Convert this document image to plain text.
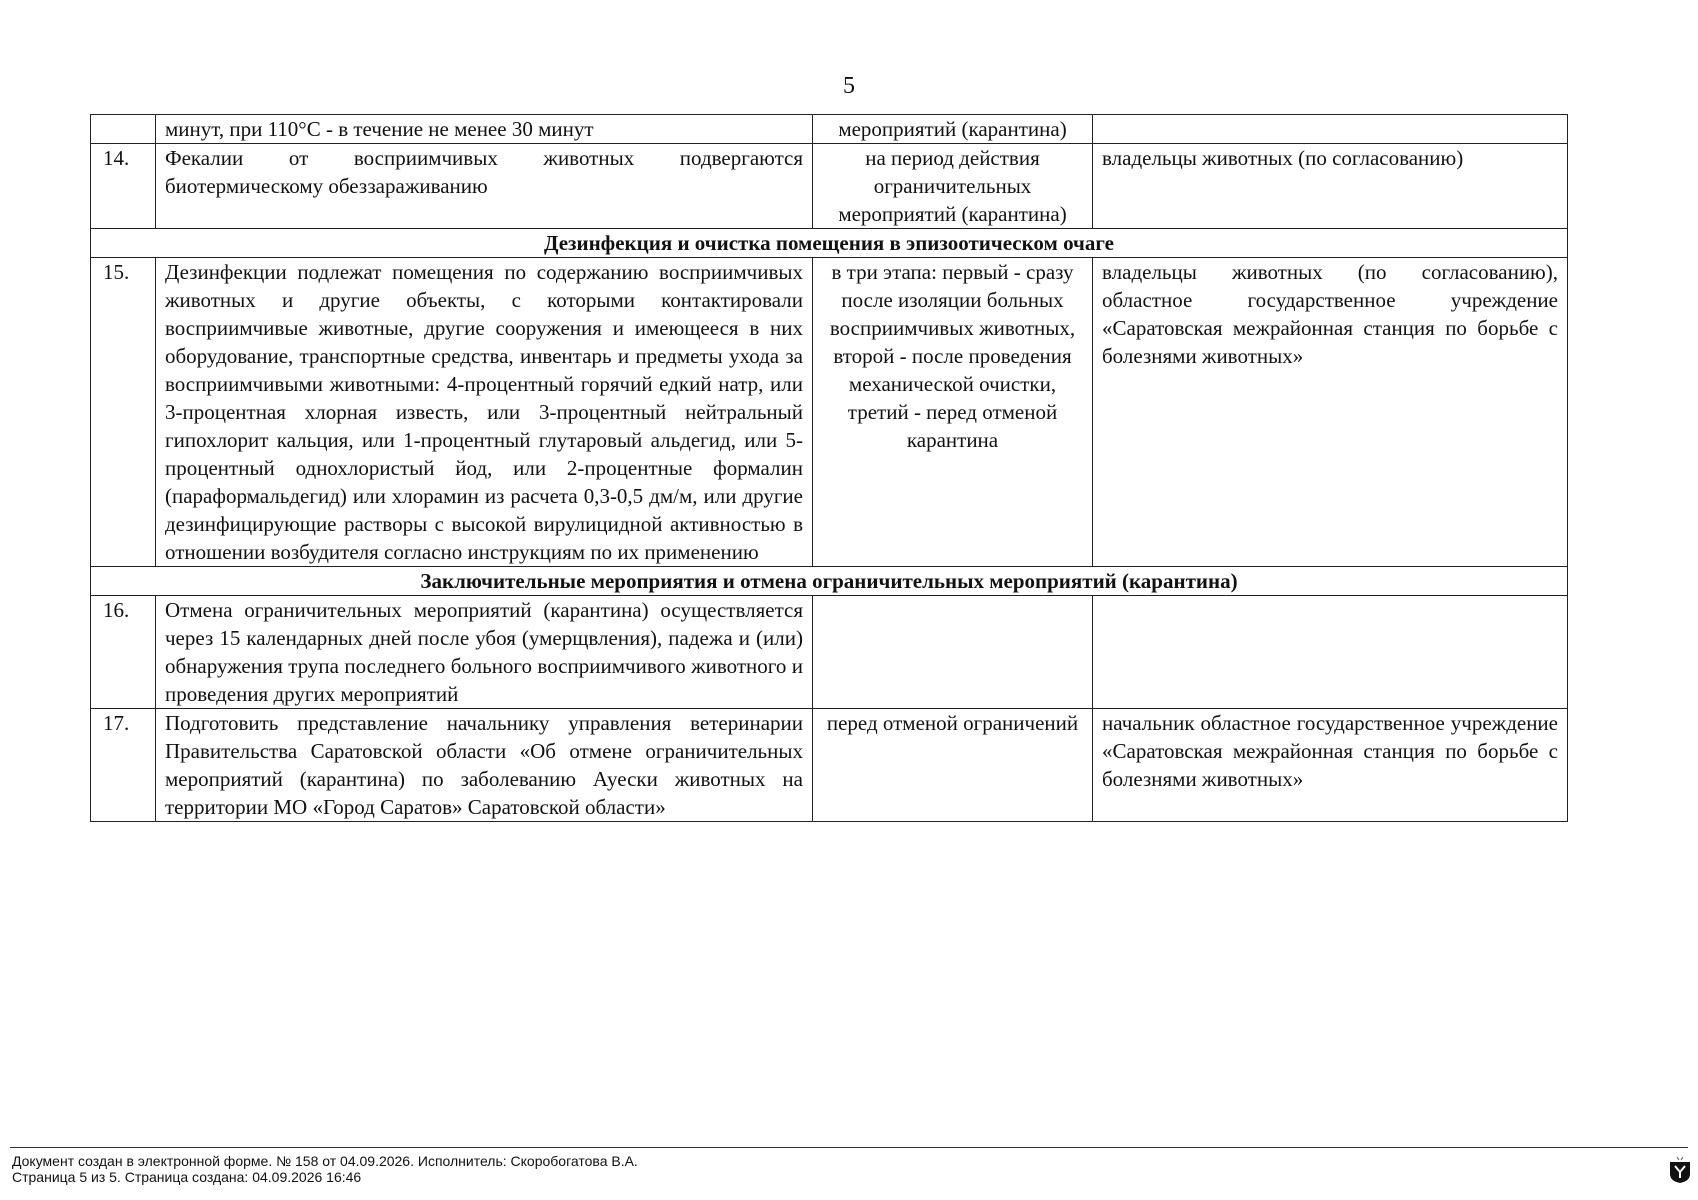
5
	минут, при 110°C - в течение не менее 30 минут	мероприятий (карантина)	
14.	Фекалии от восприимчивых животных подвергаются биотермическому обеззараживанию	на период действия ограничительных мероприятий (карантина)	владельцы животных (по согласованию)
Дезинфекция и очистка помещения в эпизоотическом очаге			
15.	Дезинфекции подлежат помещения по содержанию восприимчивых животных и другие объекты, с которыми контактировали восприимчивые животные, другие сооружения и имеющееся в них оборудование, транспортные средства, инвентарь и предметы ухода за восприимчивыми животными: 4-процентный горячий едкий натр, или 3-процентная хлорная известь, или 3-процентный нейтральный гипохлорит кальция, или 1-процентный глутаровый альдегид, или 5-процентный однохлористый йод, или 2-процентные формалин (параформальдегид) или хлорамин из расчета 0,3-0,5 дм/м, или другие дезинфицирующие растворы с высокой вирулицидной активностью в отношении возбудителя согласно инструкциям по их применению	в три этапа: первый - сразу после изоляции больных восприимчивых животных, второй - после проведения механической очистки, третий - перед отменой карантина	владельцы животных (по согласованию), областное государственное учреждение «Саратовская межрайонная станция по борьбе с болезнями животных»
Заключительные мероприятия и отмена ограничительных мероприятий (карантина)			
16.	Отмена ограничительных мероприятий (карантина) осуществляется через 15 календарных дней после убоя (умерщвления), падежа и (или) обнаружения трупа последнего больного восприимчивого животного и проведения других мероприятий		
17.	Подготовить представление начальнику управления ветеринарии Правительства Саратовской области «Об отмене ограничительных мероприятий (карантина) по заболеванию Ауески животных на территории МО «Город Саратов» Саратовской области»	перед отменой ограничений	начальник областное государственное учреждение «Саратовская межрайонная станция по борьбе с болезнями животных»
Документ создан в электронной форме. № 158 от 04.09.2026. Исполнитель: Скоробогатова В.А.
Страница 5 из 5. Страница создана: 04.09.2026 16:46
